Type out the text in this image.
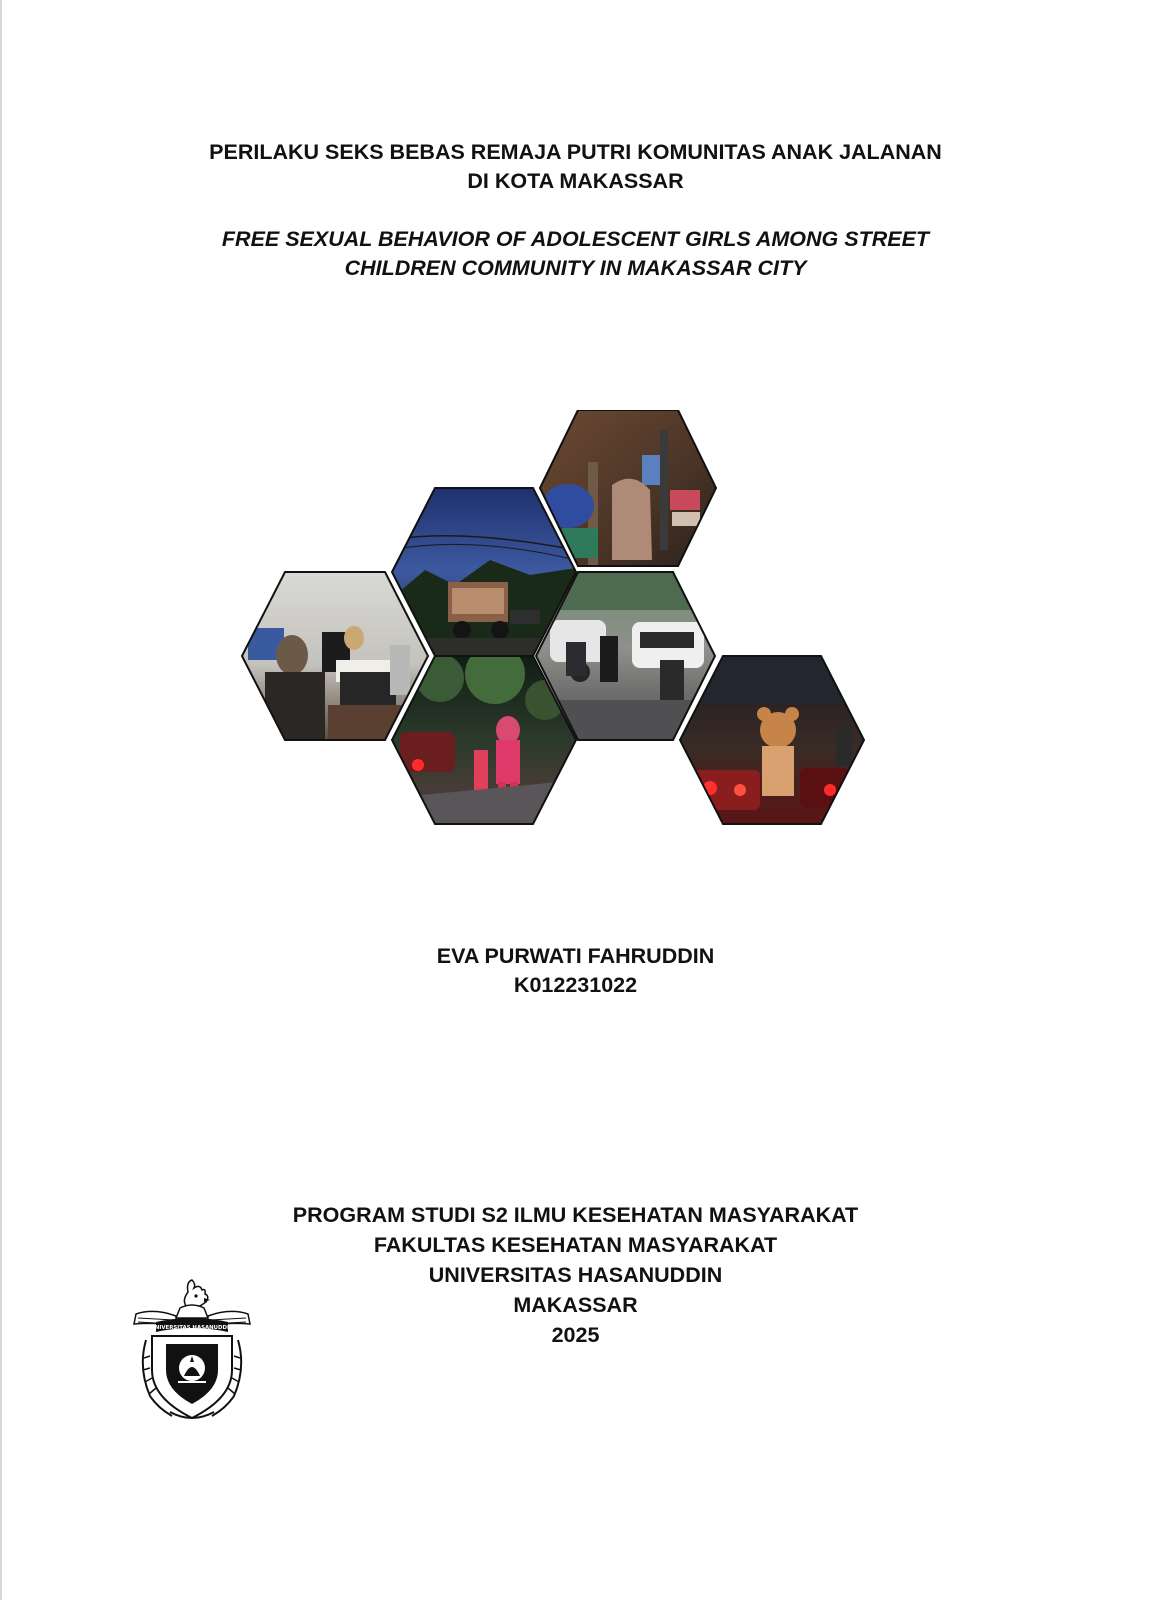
PERILAKU SEKS BEBAS REMAJA PUTRI KOMUNITAS ANAK JALANAN
DI KOTA MAKASSAR
FREE SEXUAL BEHAVIOR OF ADOLESCENT GIRLS AMONG STREET
CHILDREN COMMUNITY IN MAKASSAR CITY
EVA PURWATI FAHRUDDIN
K012231022
PROGRAM STUDI S2 ILMU KESEHATAN MASYARAKAT
FAKULTAS KESEHATAN MASYARAKAT
UNIVERSITAS HASANUDDIN
MAKASSAR
2025
UNIVERSITAS HASANUDDIN
